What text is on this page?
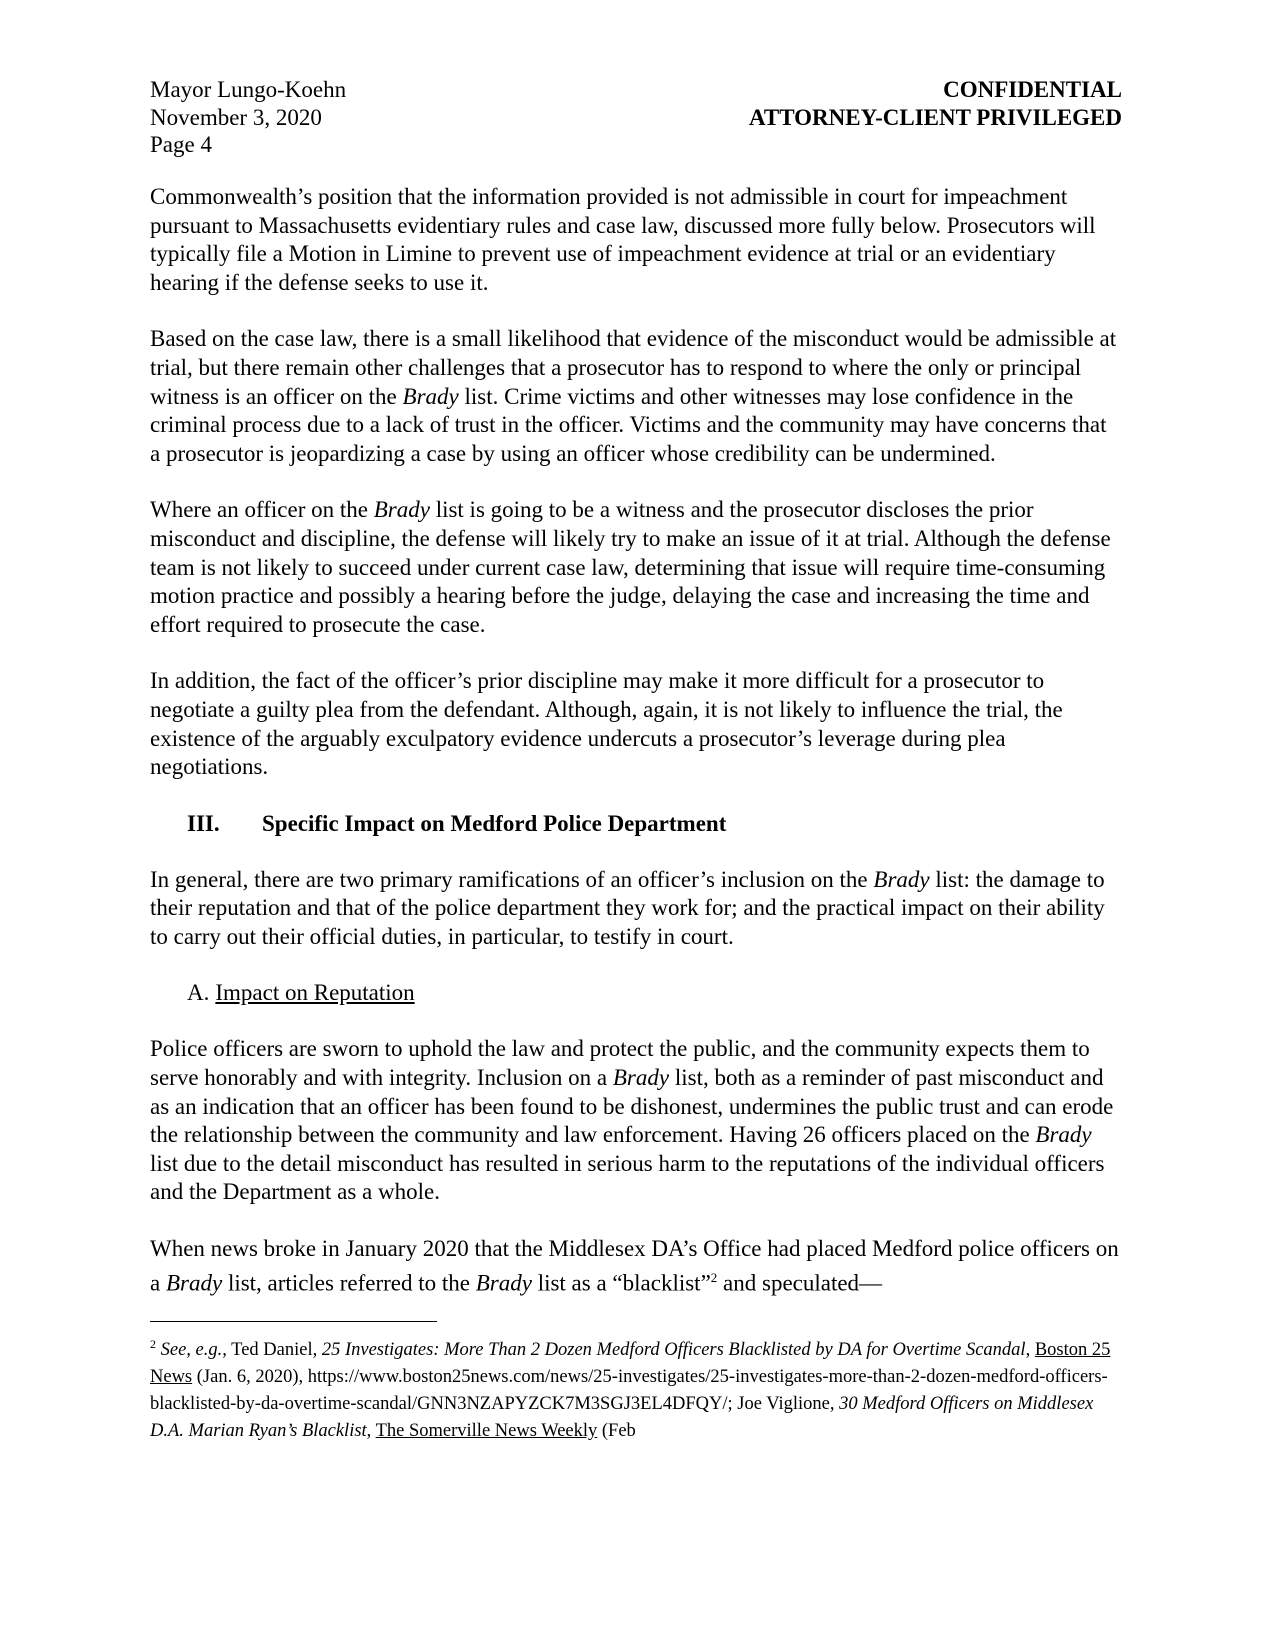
Mayor Lungo-Koehn
November 3, 2020
Page 4
CONFIDENTIAL
ATTORNEY-CLIENT PRIVILEGED

Commonwealth’s position that the information provided is not admissible in court for impeachment pursuant to Massachusetts evidentiary rules and case law, discussed more fully below. Prosecutors will typically file a Motion in Limine to prevent use of impeachment evidence at trial or an evidentiary hearing if the defense seeks to use it.

Based on the case law, there is a small likelihood that evidence of the misconduct would be admissible at trial, but there remain other challenges that a prosecutor has to respond to where the only or principal witness is an officer on the Brady list. Crime victims and other witnesses may lose confidence in the criminal process due to a lack of trust in the officer. Victims and the community may have concerns that a prosecutor is jeopardizing a case by using an officer whose credibility can be undermined.

Where an officer on the Brady list is going to be a witness and the prosecutor discloses the prior misconduct and discipline, the defense will likely try to make an issue of it at trial. Although the defense team is not likely to succeed under current case law, determining that issue will require time-consuming motion practice and possibly a hearing before the judge, delaying the case and increasing the time and effort required to prosecute the case.

In addition, the fact of the officer’s prior discipline may make it more difficult for a prosecutor to negotiate a guilty plea from the defendant. Although, again, it is not likely to influence the trial, the existence of the arguably exculpatory evidence undercuts a prosecutor’s leverage during plea negotiations.

III. Specific Impact on Medford Police Department

In general, there are two primary ramifications of an officer’s inclusion on the Brady list: the damage to their reputation and that of the police department they work for; and the practical impact on their ability to carry out their official duties, in particular, to testify in court.

A. Impact on Reputation

Police officers are sworn to uphold the law and protect the public, and the community expects them to serve honorably and with integrity. Inclusion on a Brady list, both as a reminder of past misconduct and as an indication that an officer has been found to be dishonest, undermines the public trust and can erode the relationship between the community and law enforcement. Having 26 officers placed on the Brady list due to the detail misconduct has resulted in serious harm to the reputations of the individual officers and the Department as a whole.

When news broke in January 2020 that the Middlesex DA’s Office had placed Medford police officers on a Brady list, articles referred to the Brady list as a “blacklist”$^2$ and speculated—

$^2$ See, e.g., Ted Daniel, 25 Investigates: More Than 2 Dozen Medford Officers Blacklisted by DA for Overtime Scandal, Boston 25 News (Jan. 6, 2020), https://www.boston25news.com/news/25-investigates/25-investigates-more-than-2-dozen-medford-officers-blacklisted-by-da-overtime-scandal/GNN3NZAPYZCK7M3SGJ3EL4DFQY/; Joe Viglione, 30 Medford Officers on Middlesex D.A. Marian Ryan’s Blacklist, The Somerville News Weekly (Feb
